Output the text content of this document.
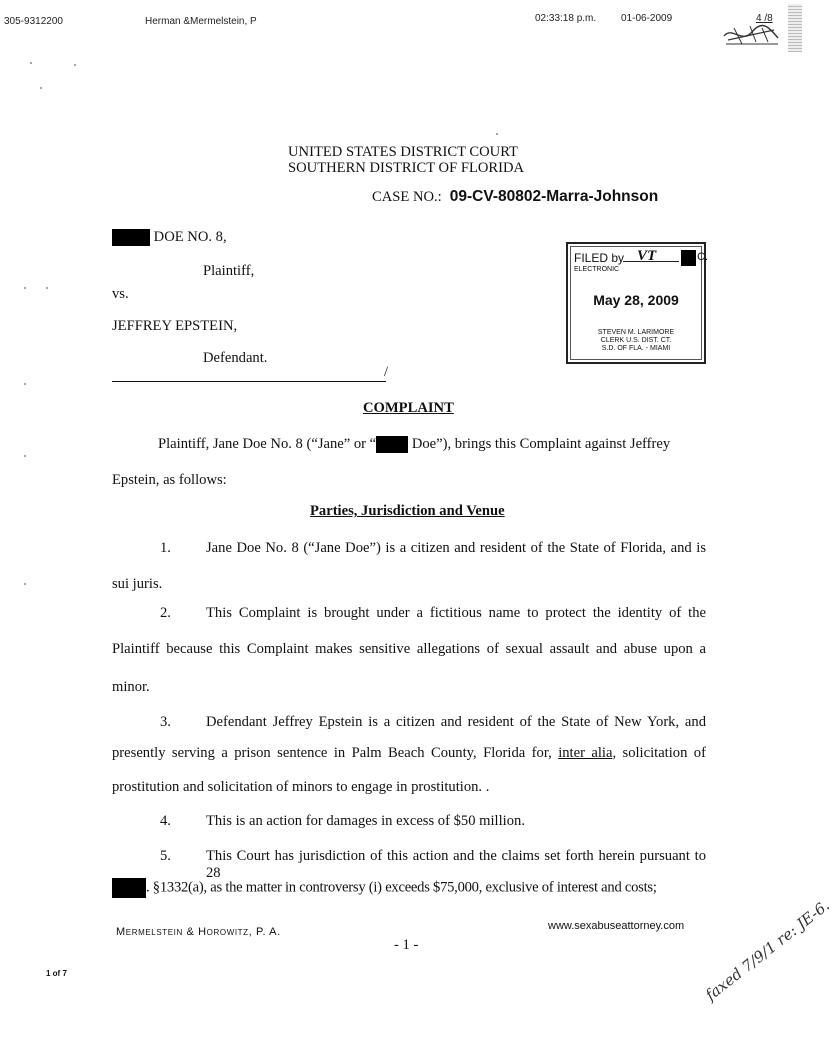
305-9312200	Herman &Mermelstein, P	02:33:18 p.m. 01-06-2009	4 /8
UNITED STATES DISTRICT COURT
SOUTHERN DISTRICT OF FLORIDA
CASE NO.: 09-CV-80802-Marra-Johnson
DOE NO. 8,
Plaintiff,
vs.
JEFFREY EPSTEIN,
Defendant.
/
FILED by VT	C.
ELECTRONIC
May 28, 2009
STEVEN M. LARIMORE
CLERK U.S. DIST. CT.
S.D. OF FLA. - MIAMI
COMPLAINT
Plaintiff, Jane Doe No. 8 (“Jane” or “ Doe”), brings this Complaint against Jeffrey
Epstein, as follows:
Parties, Jurisdiction and Venue
1. Jane Doe No. 8 (“Jane Doe”) is a citizen and resident of the State of Florida, and is
sui juris.
2. This Complaint is brought under a fictitious name to protect the identity of the
Plaintiff because this Complaint makes sensitive allegations of sexual assault and abuse upon a
minor.
3. Defendant Jeffrey Epstein is a citizen and resident of the State of New York, and
presently serving a prison sentence in Palm Beach County, Florida for, inter alia, solicitation of
prostitution and solicitation of minors to engage in prostitution. .
4. This is an action for damages in excess of $50 million.
5. This Court has jurisdiction of this action and the claims set forth herein pursuant to 28
. §1332(a), as the matter in controversy (i) exceeds $75,000, exclusive of interest and costs;
Mermelstein & Horowitz, P. A.	www.sexabuseattorney.com
- 1 -
1 of 7	faxed 7/9/1 re: JE-6.
